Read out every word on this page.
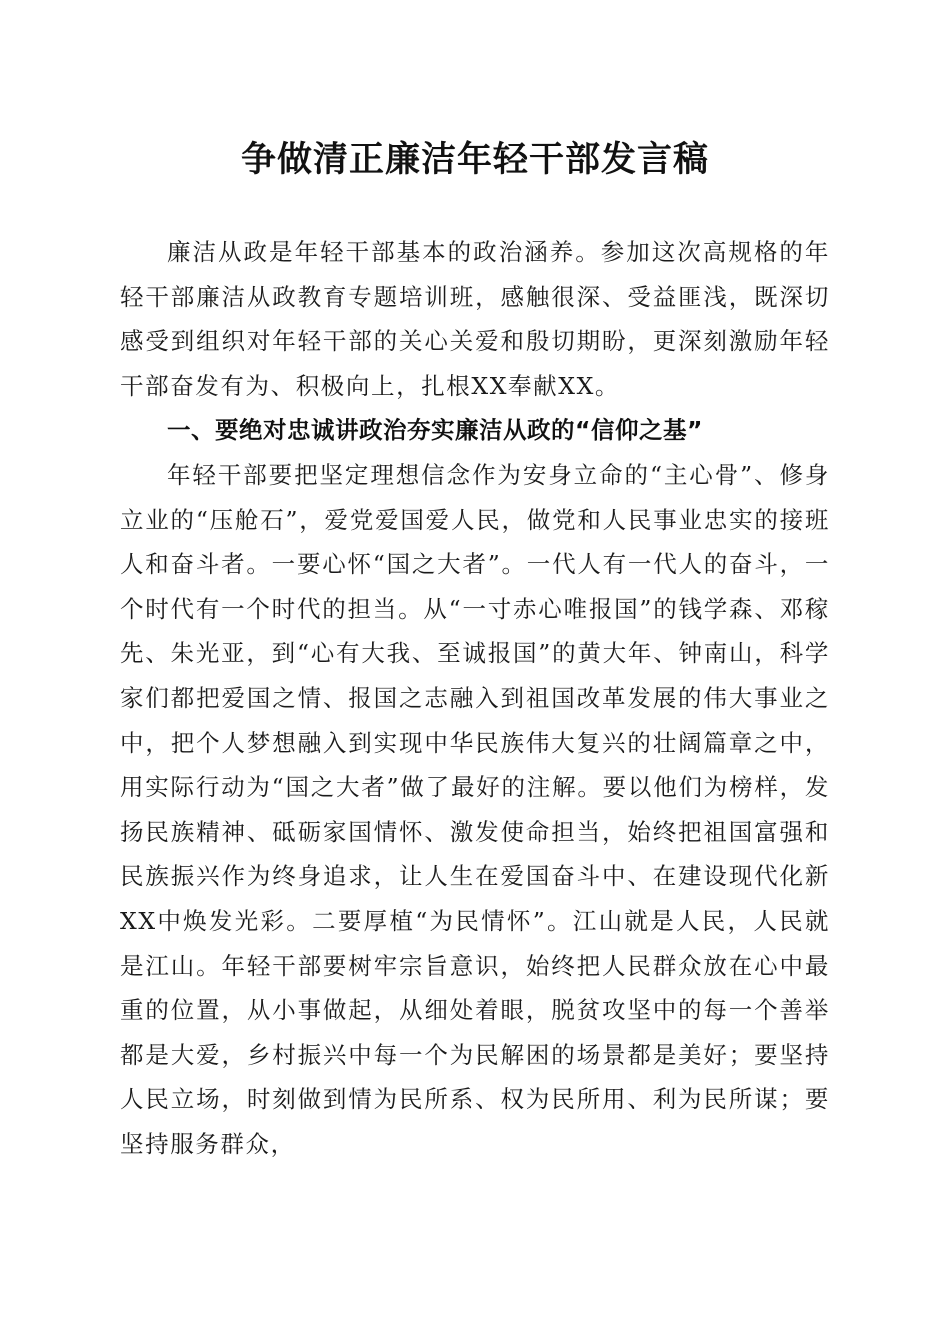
争做清正廉洁年轻干部发言稿

廉洁从政是年轻干部基本的政治涵养。参加这次高规格的年轻干部廉洁从政教育专题培训班，感触很深、受益匪浅，既深切感受到组织对年轻干部的关心关爱和殷切期盼，更深刻激励年轻干部奋发有为、积极向上，扎根XX奉献XX。

一、要绝对忠诚讲政治夯实廉洁从政的“信仰之基”

年轻干部要把坚定理想信念作为安身立命的“主心骨”、修身立业的“压舱石”，爱党爱国爱人民，做党和人民事业忠实的接班人和奋斗者。一要心怀“国之大者”。一代人有一代人的奋斗，一个时代有一个时代的担当。从“一寸赤心唯报国”的钱学森、邓稼先、朱光亚，到“心有大我、至诚报国”的黄大年、钟南山，科学家们都把爱国之情、报国之志融入到祖国改革发展的伟大事业之中，把个人梦想融入到实现中华民族伟大复兴的壮阔篇章之中，用实际行动为“国之大者”做了最好的注解。要以他们为榜样，发扬民族精神、砥砺家国情怀、激发使命担当，始终把祖国富强和民族振兴作为终身追求，让人生在爱国奋斗中、在建设现代化新XX中焕发光彩。二要厚植“为民情怀”。江山就是人民，人民就是江山。年轻干部要树牢宗旨意识，始终把人民群众放在心中最重的位置，从小事做起，从细处着眼，脱贫攻坚中的每一个善举都是大爱，乡村振兴中每一个为民解困的场景都是美好；要坚持人民立场，时刻做到情为民所系、权为民所用、利为民所谋；要坚持服务群众，
